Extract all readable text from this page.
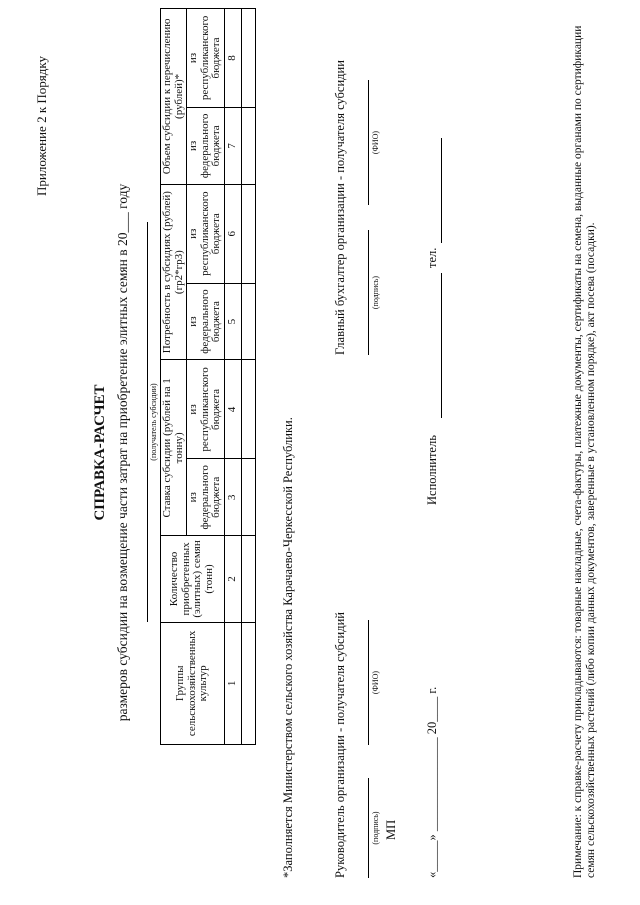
Приложение 2 к Порядку
СПРАВКА-РАСЧЕТ размеров субсидии на возмещение части затрат на приобретение элитных семян в 20___ году (получатель субсидии)
Группы сельскохозяйственных культур	Количество приобретенных (элитных) семян (тонн)	Ставка субсидии (рублей на 1 тонну)		Потребность в субсидиях (рублей) (гр2*гр3)		Объем субсидии к перечислению (рублей)*	
		из федерального бюджета	из республиканского бюджета	из федерального бюджета	из республиканского бюджета	из федерального бюджета	из республиканского бюджета
1	2	3	4	5	6	7	8

*Заполняется Министерством сельского хозяйства Карачаево-Черкесской Республики.	Руководитель организации - получателя субсидий	(подпись)
(ФИО)
Главный бухгалтер организации - получателя субсидии	(подпись)
(ФИО)
МП «_____» _______________ 20____ г.
Исполнитель
тел.	Примечание: к справке-расчету прикладываются: товарные накладные, счета-фактуры, платежные документы, сертификаты на семена, выданные органами по сертификации семян сельскохозяйственных растений (либо копии данных документов, заверенные в установленном порядке), акт посева (посадки).
